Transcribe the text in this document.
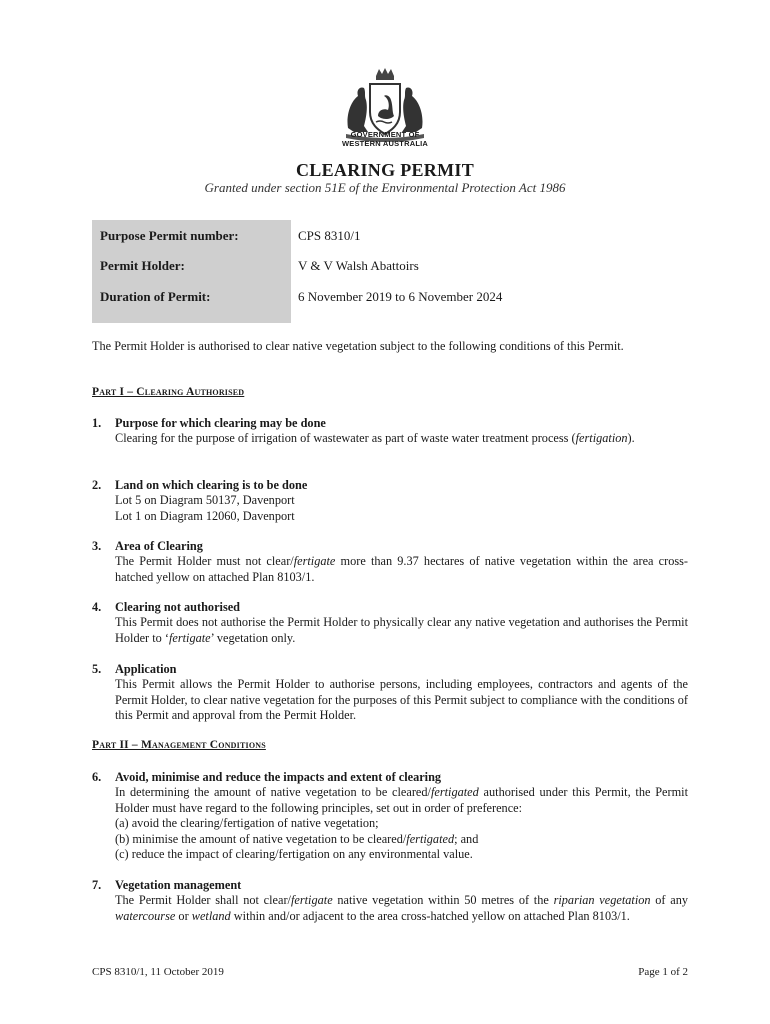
GOVERNMENT OF
WESTERN AUSTRALIA
CLEARING PERMIT
Granted under section 51E of the Environmental Protection Act 1986
Purpose Permit number:	CPS 8310/1
Permit Holder:	V & V Walsh Abattoirs
Duration of Permit:	6 November 2019 to 6 November 2024
The Permit Holder is authorised to clear native vegetation subject to the following conditions of this Permit.
Part I – Clearing Authorised
1. Purpose for which clearing may be done
Clearing for the purpose of irrigation of wastewater as part of waste water treatment process (fertigation).
2. Land on which clearing is to be done
Lot 5 on Diagram 50137, Davenport
Lot 1 on Diagram 12060, Davenport
3. Area of Clearing
The Permit Holder must not clear/fertigate more than 9.37 hectares of native vegetation within the area cross-hatched yellow on attached Plan 8103/1.
4. Clearing not authorised
This Permit does not authorise the Permit Holder to physically clear any native vegetation and authorises the Permit Holder to ‘fertigate’ vegetation only.
5. Application
This Permit allows the Permit Holder to authorise persons, including employees, contractors and agents of the Permit Holder, to clear native vegetation for the purposes of this Permit subject to compliance with the conditions of this Permit and approval from the Permit Holder.
Part II – Management Conditions
6. Avoid, minimise and reduce the impacts and extent of clearing
In determining the amount of native vegetation to be cleared/fertigated authorised under this Permit, the Permit Holder must have regard to the following principles, set out in order of preference:
(a) avoid the clearing/fertigation of native vegetation;
(b) minimise the amount of native vegetation to be cleared/fertigated; and
(c) reduce the impact of clearing/fertigation on any environmental value.
7. Vegetation management
The Permit Holder shall not clear/fertigate native vegetation within 50 metres of the riparian vegetation of any watercourse or wetland within and/or adjacent to the area cross-hatched yellow on attached Plan 8103/1.
CPS 8310/1, 11 October 2019	Page 1 of 2
